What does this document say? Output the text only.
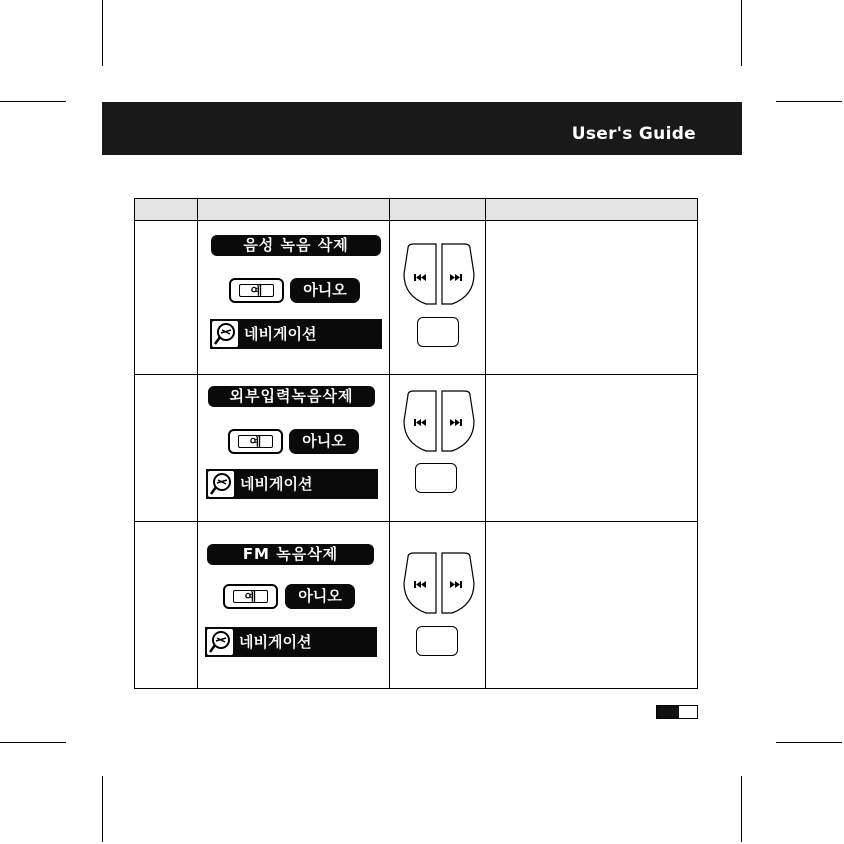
User's Guide
음성 녹음 삭제
예	아니오
네비게이션
외부입력녹음삭제
예	아니오
네비게이션
FM 녹음삭제
예	아니오
네비게이션
